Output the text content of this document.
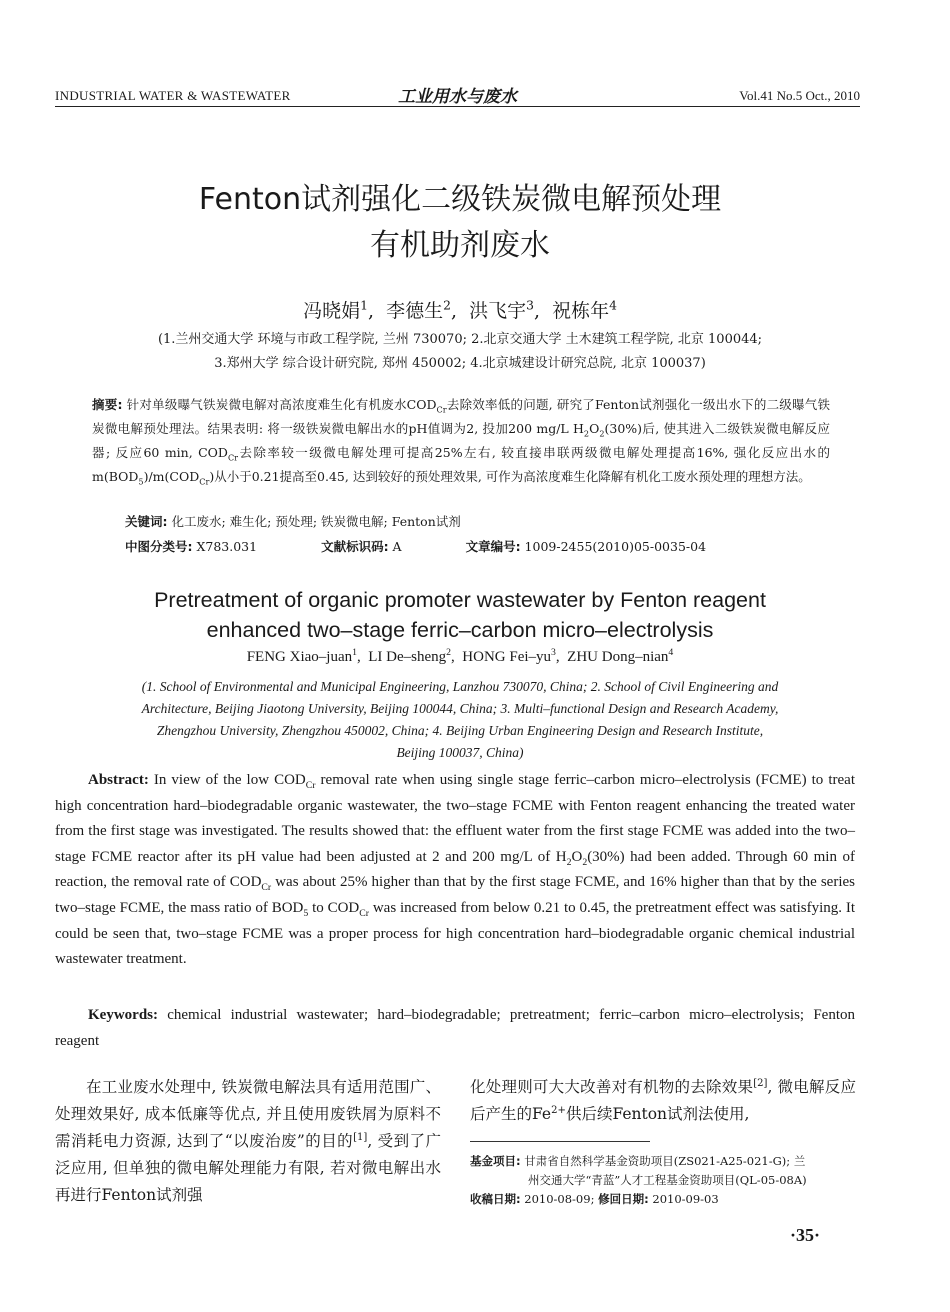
INDUSTRIAL WATER & WASTEWATER	工业用水与废水	Vol.41 No.5 Oct., 2010
Fenton试剂强化二级铁炭微电解预处理
有机助剂废水
冯晓娟$^1$,  李德生$^2$,  洪飞宇$^3$,  祝栋年$^4$
(1.兰州交通大学 环境与市政工程学院, 兰州 730070; 2.北京交通大学 土木建筑工程学院, 北京 100044;
3.郑州大学 综合设计研究院, 郑州 450002; 4.北京城建设计研究总院, 北京 100037)
摘要: 针对单级曝气铁炭微电解对高浓度难生化有机废水$COD_{Cr}$去除效率低的问题, 研究了Fenton试剂强化一级出水下的二级曝气铁炭微电解预处理法。结果表明: 将一级铁炭微电解出水的pH值调为2, 投加200 mg/L $H_2O_2(30\%)$后, 使其进入二级铁炭微电解反应器; 反应60 min, $COD_{Cr}$去除率较一级微电解处理可提高25%左右, 较直接串联两级微电解处理提高16%, 强化反应出水的$m(BOD_5)/m(COD_{Cr})$从小于0.21提高至0.45, 达到较好的预处理效果, 可作为高浓度难生化降解有机化工废水预处理的理想方法。
关键词: 化工废水; 难生化; 预处理; 铁炭微电解; Fenton试剂
中图分类号: X783.031	文献标识码: A	文章编号: 1009-2455(2010)05-0035-04
Pretreatment of organic promoter wastewater by Fenton reagent
enhanced two–stage ferric–carbon micro–electrolysis
FENG Xiao–juan$^1$,  LI De–sheng$^2$,  HONG Fei–$yu^3$,  ZHU Dong–nian$^4$
(1. School of Environmental and Municipal Engineering, Lanzhou 730070, China; 2. School of Civil Engineering and
Architecture, Beijing Jiaotong University, Beijing 100044, China; 3. Multi–functional Design and Research Academy,
Zhengzhou University, Zhengzhou 450002, China; 4. Beijing Urban Engineering Design and Research Institute,
Beijing 100037, China)
Abstract: In view of the low $COD_{Cr}$ removal rate when using single stage ferric–carbon micro–electrolysis (FCME) to treat high concentration hard–biodegradable organic wastewater, the two–stage FCME with Fenton reagent enhancing the treated water from the first stage was investigated. The results showed that: the effluent water from the first stage FCME was added into the two–stage FCME reactor after its pH value had been adjusted at 2 and 200 mg/L of $H_2O_2(30\%)$ had been added. Through 60 min of reaction, the removal rate of $COD_{Cr}$ was about 25% higher than that by the first stage FCME, and 16% higher than that by the series two–stage FCME, the mass ratio of $BOD_5$ to $COD_{Cr}$ was increased from below 0.21 to 0.45, the pretreatment effect was satisfying. It could be seen that, two–stage FCME was a proper process for high concentration hard–biodegradable organic chemical industrial wastewater treatment.
Keywords: chemical industrial wastewater; hard–biodegradable; pretreatment; ferric–carbon micro–electrolysis; Fenton reagent
在工业废水处理中, 铁炭微电解法具有适用范围广、处理效果好, 成本低廉等优点, 并且使用废铁屑为原料不需消耗电力资源, 达到了“以废治废”的目的[1], 受到了广泛应用, 但单独的微电解处理能力有限, 若对微电解出水再进行Fenton试剂强
化处理则可大大改善对有机物的去除效果[2], 微电解反应后产生的$Fe^{2+}$供后续Fenton试剂法使用,
基金项目: 甘肃省自然科学基金资助项目(ZS021-A25-021-G); 兰
州交通大学“青蓝”人才工程基金资助项目(QL-05-08A)
收稿日期: 2010-08-09; 修回日期: 2010-09-03
·35·
